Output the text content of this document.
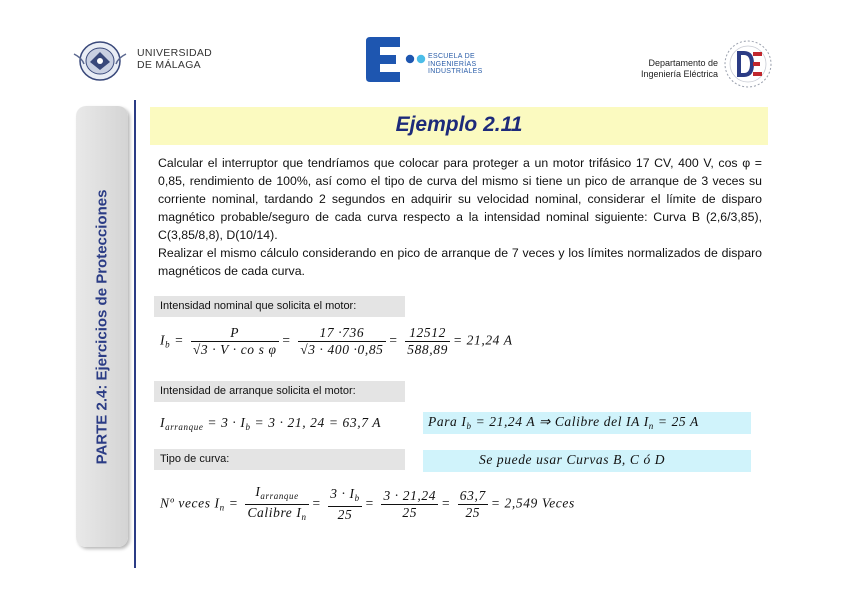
UNIVERSIDAD
DE MÁLAGA
ESCUELA DE
INGENIERÍAS
INDUSTRIALES
Departamento de
Ingeniería Eléctrica
PARTE 2.4: Ejercicios de Protecciones
Ejemplo 2.11

Calcular el interruptor que tendríamos que colocar para proteger a un motor trifásico 17 CV, 400 V, cos φ = 0,85, rendimiento de 100%, así como el tipo de curva del mismo si tiene un pico de arranque de 3 veces su corriente nominal, tardando 2 segundos en adquirir su velocidad nominal, considerar el límite de disparo magnético probable/seguro de cada curva respecto a la intensidad nominal siguiente: Curva B (2,6/3,85), C(3,85/8,8), D(10/14).

Realizar el mismo cálculo considerando en pico de arranque de 7 veces y los límites normalizados de disparo magnéticos de cada curva.

Intensidad nominal que solicita el motor:
$I_b = \frac{P}{\text{√3 · V · co s φ}} = \frac{17 \cdot 736}{√3 \cdot 400 \cdot 0,85} = \frac{12512}{588,89} = 21,24$ A
Intensidad de arranque solicita el motor:
$I_{arranque} = 3 \cdot I_b = 3 \cdot 21$, 24 = 63,7 A	Para $I_b = 21,24$ A ⇒ Calibre del IA $I_n = 25$ A
Tipo de curva:	Se puede usar Curvas B, C ó D
Nº veces $I_n = \frac{I_{arranque}}{Calibre I_n} = \frac{3 \cdot I_b}{25} = \frac{3 \cdot 21,24}{25} = \frac{63,7}{25} = 2,549$ Veces
